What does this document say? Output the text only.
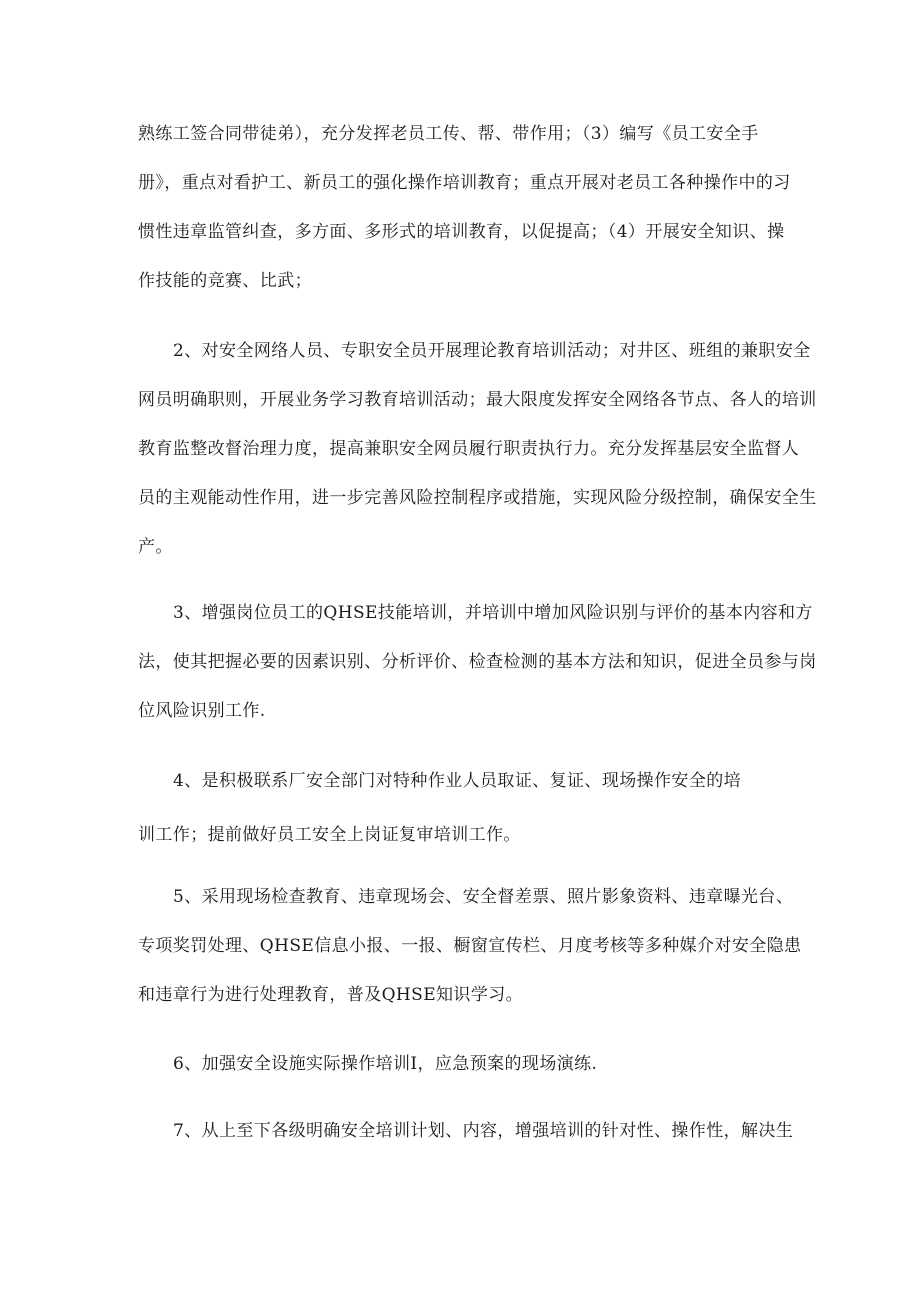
熟练工签合同带徒弟），充分发挥老员工传、帮、带作用；（3）编写《员工安全手
册》，重点对看护工、新员工的强化操作培训教育；重点开展对老员工各种操作中的习
惯性违章监管纠查，多方面、多形式的培训教育，以促提高；（4）开展安全知识、操
作技能的竞赛、比武；
2、对安全网络人员、专职安全员开展理论教育培训活动；对井区、班组的兼职安全
网员明确职则，开展业务学习教育培训活动；最大限度发挥安全网络各节点、各人的培训
教育监整改督治理力度，提高兼职安全网员履行职责执行力。充分发挥基层安全监督人
员的主观能动性作用，进一步完善风险控制程序或措施，实现风险分级控制，确保安全生
产。
3、增强岗位员工的QHSE技能培训，并培训中增加风险识别与评价的基本内容和方
法，使其把握必要的因素识别、分析评价、检查检测的基本方法和知识，促进全员参与岗
位风险识别工作.
4、是积极联系厂安全部门对特种作业人员取证、复证、现场操作安全的培
训工作；提前做好员工安全上岗证复审培训工作。
5、采用现场检查教育、违章现场会、安全督差票、照片影象资料、违章曝光台、
专项奖罚处理、QHSE信息小报、一报、橱窗宣传栏、月度考核等多种媒介对安全隐患
和违章行为进行处理教育，普及QHSE知识学习。
6、加强安全设施实际操作培训I，应急预案的现场演练.
7、从上至下各级明确安全培训计划、内容，增强培训的针对性、操作性，解决生
